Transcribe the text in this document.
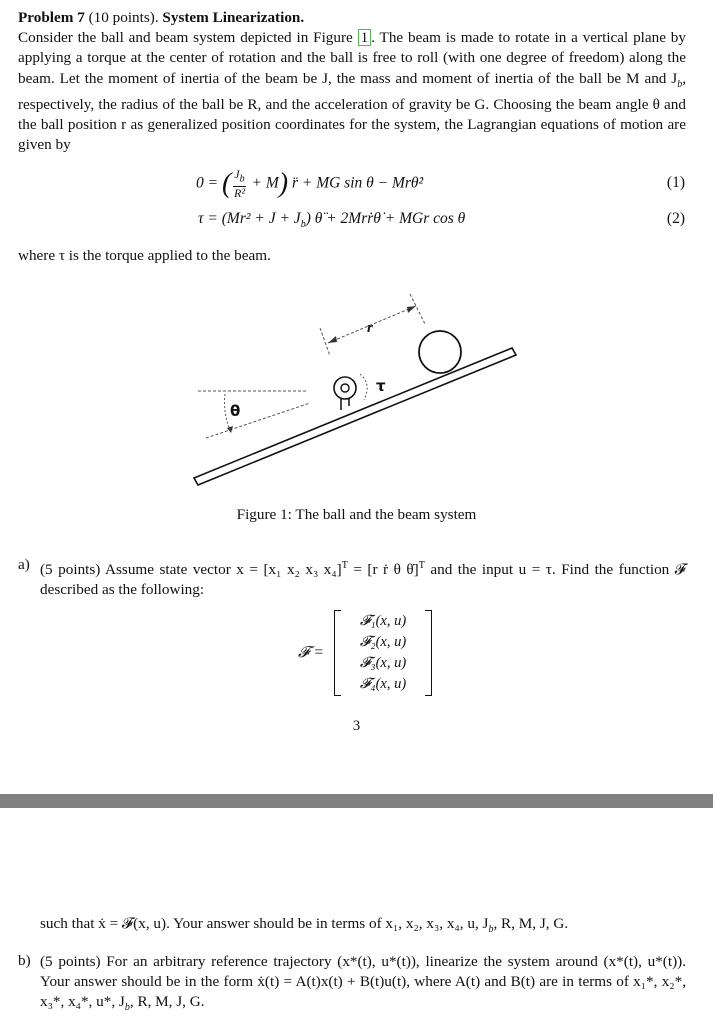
Problem 7 (10 points). System Linearization.
Consider the ball and beam system depicted in Figure 1 . The beam is made to rotate in a vertical plane by applying a torque at the center of rotation and the ball is free to roll (with one degree of freedom) along the beam. Let the moment of inertia of the beam be J, the mass and moment of inertia of the ball be M and $J_b$, respectively, the radius of the ball be R, and the acceleration of gravity be G. Choosing the beam angle θ and the ball position r as generalized position coordinates for the system, the Lagrangian equations of motion are given by
0 = ( $\frac{J_b}{\text{R²}} + M$) r̈ + MG sin θ − Mrθ̇²	(1)
$\tau = (Mr^2 + J + J_b)$ θ̈ + 2Mrṙθ̇ + MGr cos θ	(2)
where τ is the torque applied to the beam.
θ
τ
r
Figure 1: The ball and the beam system
a) (5 points) Assume state vector x = [x₁ x₂ x₃ x₄]$^T$ = [r ṙ θ θ̇]$^T$ and the input u = τ. Find the function 𝓕 described as the following:
𝓕 =
𝓕₁(x, u)
𝓕₂(x, u)
𝓕₃(x, u)
𝓕₄(x, u)
3
such that ẋ = 𝓕(x, u). Your answer should be in terms of x₁, x₂, x₃, x₄, u, $J_b$, R, M, J, G.
b) (5 points) For an arbitrary reference trajectory (x*(t), u*(t)), linearize the system around (x*(t), u*(t)). Your answer should be in the form ẋ(t) = A(t)x(t) + B(t)u(t), where A(t) and B(t) are in terms of x₁*, x₂*, x₃*, x₄*, u*, $J_b$, R, M, J, G.
